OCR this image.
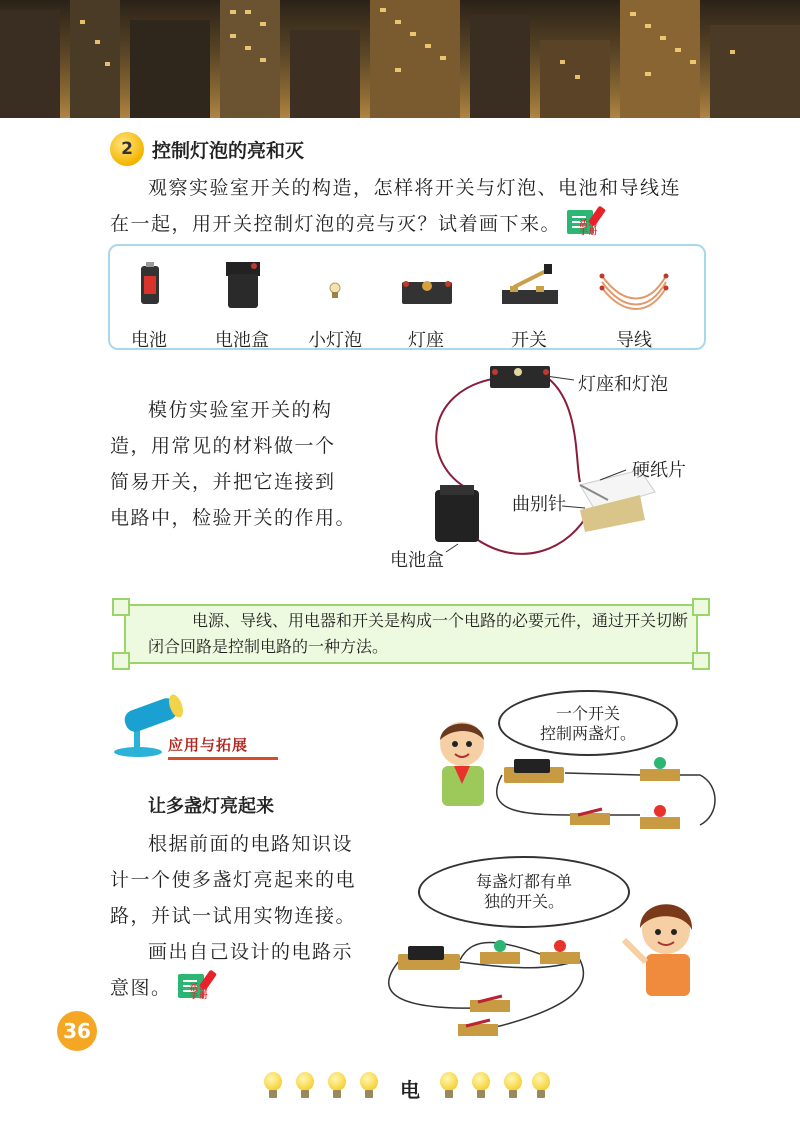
2	控制灯泡的亮和灭
观察实验室开关的构造，怎样将开关与灯泡、电池和导线连
在一起，用开关控制灯泡的亮与灭？试着画下来。	活动手册
电池	电池盒 小灯泡	灯座	开关	导线
模仿实验室开关的构
造，用常见的材料做一个
简易开关，并把它连接到
电路中，检验开关的作用。
灯座和灯泡
硬纸片
曲别针
电池盒
电源、导线、用电器和开关是构成一个电路的必要元件，通过开关切断闭合回路是控制电路的一种方法。
应用与拓展
让多盏灯亮起来
根据前面的电路知识设
计一个使多盏灯亮起来的电
路，并试一试用实物连接。
画出自己设计的电路示
意图。	活动手册
一个开关
控制两盏灯。
每盏灯都有单
独的开关。
36
电
